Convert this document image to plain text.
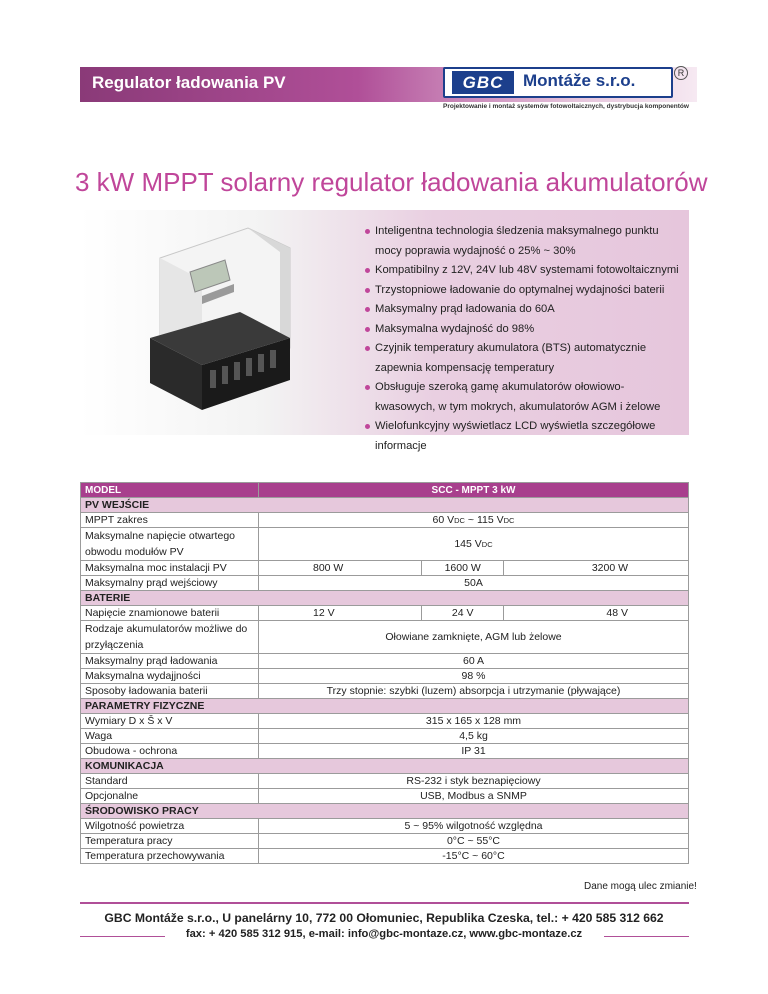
Regulator ładowania PV	GBC	Montáže s.r.o.	R
Projektowanie i montaż systemów fotowoltaicznych, dystrybucja komponentów
3 kW MPPT solarny regulator ładowania akumulatorów
Inteligentna technologia śledzenia maksymalnego punktu mocy poprawia wydajność o 25% ~ 30%
Kompatibilny z 12V, 24V lub 48V systemami fotowoltaicznymi
Trzystopniowe ładowanie do optymalnej wydajności baterii
Maksymalny prąd ładowania do 60A
Maksymalna wydajność do 98%
Czyjnik temperatury akumulatora (BTS) automatycznie zapewnia kompensację temperatury
Obsługuje szeroką gamę akumulatorów ołowiowo-kwasowych, w tym mokrych, akumulatorów AGM i żelowe
Wielofunkcyjny wyświetlacz LCD wyświetla szczegółowe informacje
MODEL	SCC - MPPT 3 kW		
PV WEJŚCIE			
MPPT zakres	60 VDC ~ 115 VDC		
Maksymalne napięcie otwartego obwodu modułów PV	145 VDC		
Maksymalna moc instalacji PV	800 W	1600 W	3200 W
Maksymalny prąd wejściowy	50A		
BATERIE			
Napięcie znamionowe baterii	12 V	24 V	48 V
Rodzaje akumulatorów możliwe do przyłączenia	Ołowiane zamknięte, AGM lub żelowe		
Maksymalny prąd ładowania	60 A		
Maksymalna wydajjności	98 %		
Sposoby ładowania baterii	Trzy stopnie: szybki (luzem) absorpcja i utrzymanie (pływające)		
PARAMETRY FIZYCZNE			
Wymiary D x Š x V	315 x 165 x 128 mm		
Waga	4,5 kg		
Obudowa - ochrona	IP 31		
KOMUNIKACJA			
Standard	RS-232 i styk beznapięciowy		
Opcjonalne	USB, Modbus a SNMP		
ŚRODOWISKO PRACY			
Wilgotność powietrza	5 ~ 95% wilgotność względna		
Temperatura pracy	0°C ~ 55°C		
Temperatura przechowywania	-15°C ~ 60°C		
Dane mogą ulec zmianie!
GBC Montáže s.r.o., U panelárny 10, 772 00 Ołomuniec, Republika Czeska, tel.: + 420 585 312 662
fax: + 420 585 312 915, e-mail: info@gbc-montaze.cz, www.gbc-montaze.cz
